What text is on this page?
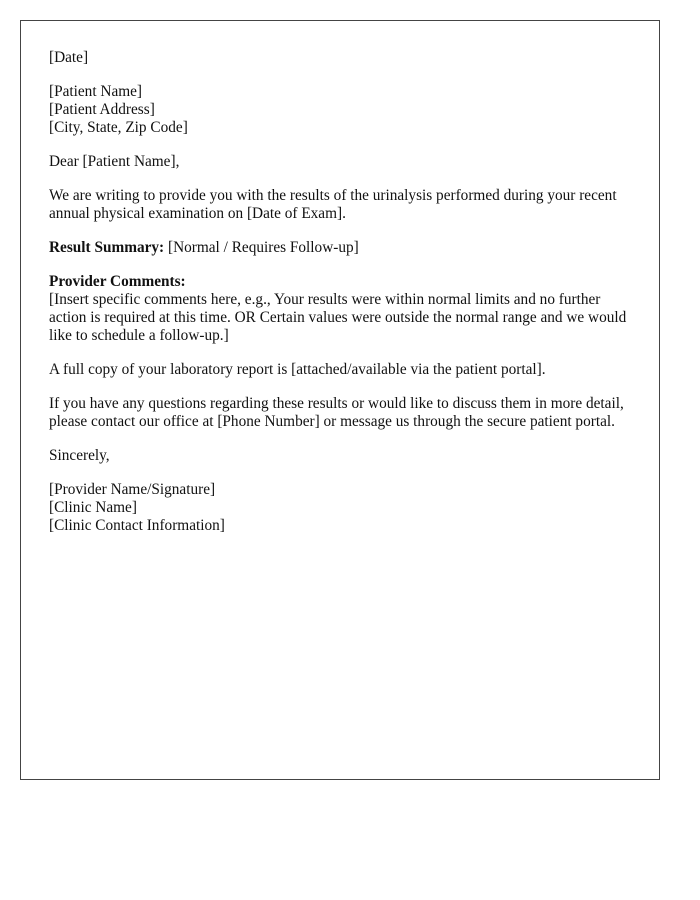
[Date]
[Patient Name]
[Patient Address]
[City, State, Zip Code]
Dear [Patient Name],

We are writing to provide you with the results of the urinalysis performed during your recent annual physical examination on [Date of Exam].

Result Summary: [Normal / Requires Follow-up]
Provider Comments:
[Insert specific comments here, e.g., Your results were within normal limits and no further action is required at this time. OR Certain values were outside the normal range and we would like to schedule a follow-up.]

A full copy of your laboratory report is [attached/available via the patient portal].

If you have any questions regarding these results or would like to discuss them in more detail, please contact our office at [Phone Number] or message us through the secure patient portal.

Sincerely,
[Provider Name/Signature]
[Clinic Name]
[Clinic Contact Information]
